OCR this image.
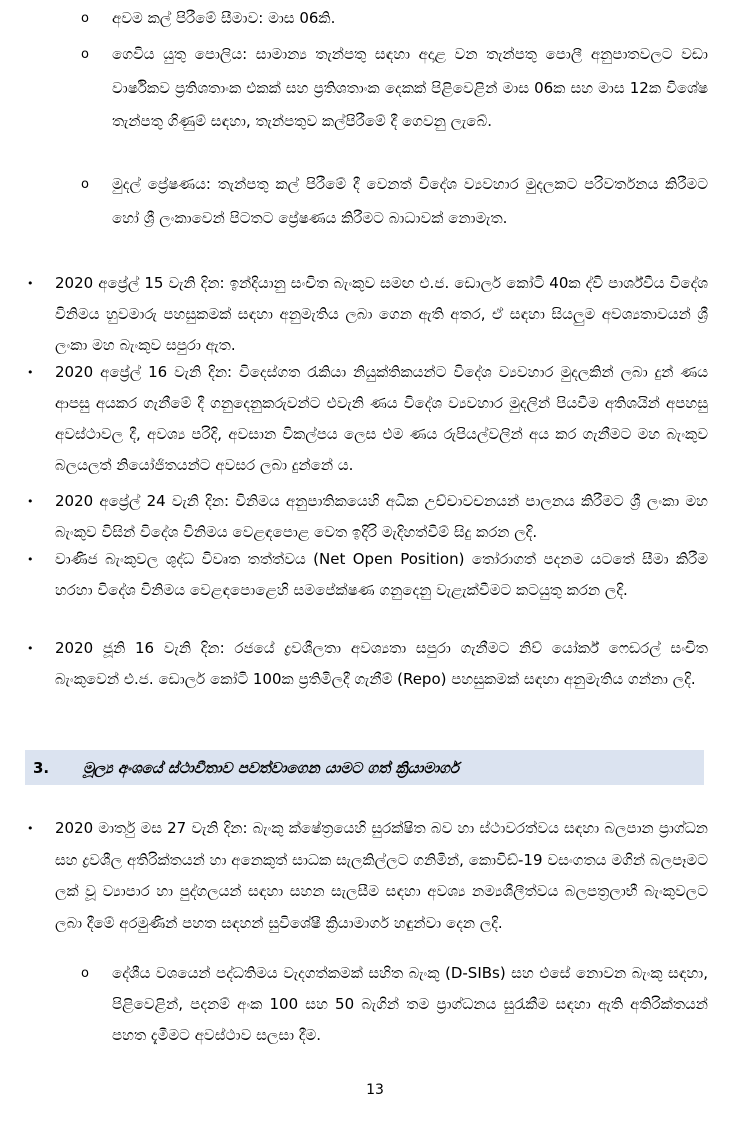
o අවම කල් පිරීමේ සීමාව: මාස 06කි.

o ගෙවිය යුතු පොලිය: සාමාන්‍ය තැන්පතු සඳහා අදාළ වන තැන්පතු පොලී අනුපාතවලට වඩා වාර්ෂිකව ප්‍රතිශතාංක එකක් සහ ප්‍රතිශතාංක දෙකක් පිළිවෙළින් මාස 06ක සහ මාස 12ක විශේෂ තැන්පතු ගිණුම් සඳහා, තැන්පතුව කල්පිරීමේ දී ගෙවනු ලැබේ.

o මුදල් ප්‍රේෂණය: තැන්පතු කල් පිරීමේ දී වෙනත් විදේශ ව්‍යවහාර මුදලකට පරිවර්තනය කිරීමට හෝ ශ්‍රී ලංකාවෙන් පිටතට ප්‍රේෂණය කිරීමට බාධාවක් නොමැත.

• 2020 අප්‍රේල් 15 වැනි දින: ඉන්දියානු සංචිත බැංකුව සමඟ එ.ජ. ඩොලර් කෝටි 40ක ද්වි පාර්ශ්වීය විදේශ විනිමය හුවමාරු පහසුකමක් සඳහා අනුමැතිය ලබා ගෙන ඇති අතර, ඒ සඳහා සියලුම අවශ්‍යතාවයන් ශ්‍රී ලංකා මහ බැංකුව සපුරා ඇත.

• 2020 අප්‍රේල් 16 වැනි දින: විදෙස්ගත රැකියා නියුක්තිකයන්ට විදේශ ව්‍යවහාර මුදලකින් ලබා දුන් ණය ආපසු අයකර ගැනීමේ දී ගනුදෙනුකරුවන්ට එවැනි ණය විදේශ ව්‍යවහාර මුදලින් පියවීම අතිශයින් අපහසු අවස්ථාවල දී, අවශ්‍ය පරිදි, අවසාන විකල්පය ලෙස එම ණය රුපියල්වලින් අය කර ගැනීමට මහ බැංකුව බලයලත් නියෝජිතයන්ට අවසර ලබා දුන්නේ ය.

• 2020 අප්‍රේල් 24 වැනි දින: විනිමය අනුපාතිකයෙහි අධික උච්චාවචනයන් පාලනය කිරීමට ශ්‍රී ලංකා මහ බැංකුව විසින් විදේශ විනිමය වෙළඳපොළ වෙත ඉදිරි මැදිහත්වීම් සිදු කරන ලදි.

• වාණිජ බැංකුවල ශුද්ධ විවෘත තත්ත්වය (Net Open Position) තෝරාගත් පදනම යටතේ සීමා කිරීම හරහා විදේශ විනිමය වෙළඳපොළෙහි සමපේක්ෂණ ගනුදෙනු වැළැක්වීමට කටයුතු කරන ලදි.

• 2020 ජූනි 16 වැනි දින: රජයේ ද්‍රවශීලතා අවශ්‍යතා සපුරා ගැනීමට නිව් යෝර්ක් ෆෙඩරල් සංචිත බැංකුවෙන් එ.ජ. ඩොලර් කෝටි 100ක ප්‍රතිමිලදී ගැනීම් (Repo) පහසුකමක් සඳහා අනුමැතිය ගන්නා ලදි.

3. මූල්‍ය අංශයේ ස්ථාවීතාව පවත්වාගෙන යාමට ගත් ක්‍රියාමාර්ග
• 2020 මාර්තු මස 27 වැනි දින: බැංකු ක්ෂේත්‍රයෙහි සුරක්ෂිත බව හා ස්ථාවරත්වය සඳහා බලපාන ප්‍රාග්ධන සහ ද්‍රවශීල අතිරික්තයන් හා අනෙකුත් සාධක සැලකිල්ලට ගනිමින්, කොවිඩ්-19 වසංගතය මගින් බලපෑමට ලක් වූ ව්‍යාපාර හා පුද්ගලයන් සඳහා සහන සැලසීම සඳහා අවශ්‍ය නම්‍යශීලීත්වය බලපත්‍රලාභී බැංකුවලට ලබා දීමේ අරමුණින් පහත සඳහන් සුවිශේෂී ක්‍රියාමාර්ග හඳුන්වා දෙන ලදි.

o දේශීය වශයෙන් පද්ධතිමය වැදගත්කමක් සහිත බැංකු (D-SIBs) සහ එසේ නොවන බැංකු සඳහා, පිළිවෙළින්, පදනම් අංක 100 සහ 50 බැගින් තම ප්‍රාග්ධනය සුරැකීම සඳහා ඇති අතිරික්තයන් පහත දැමීමට අවස්ථාව සලසා දීම.

13
